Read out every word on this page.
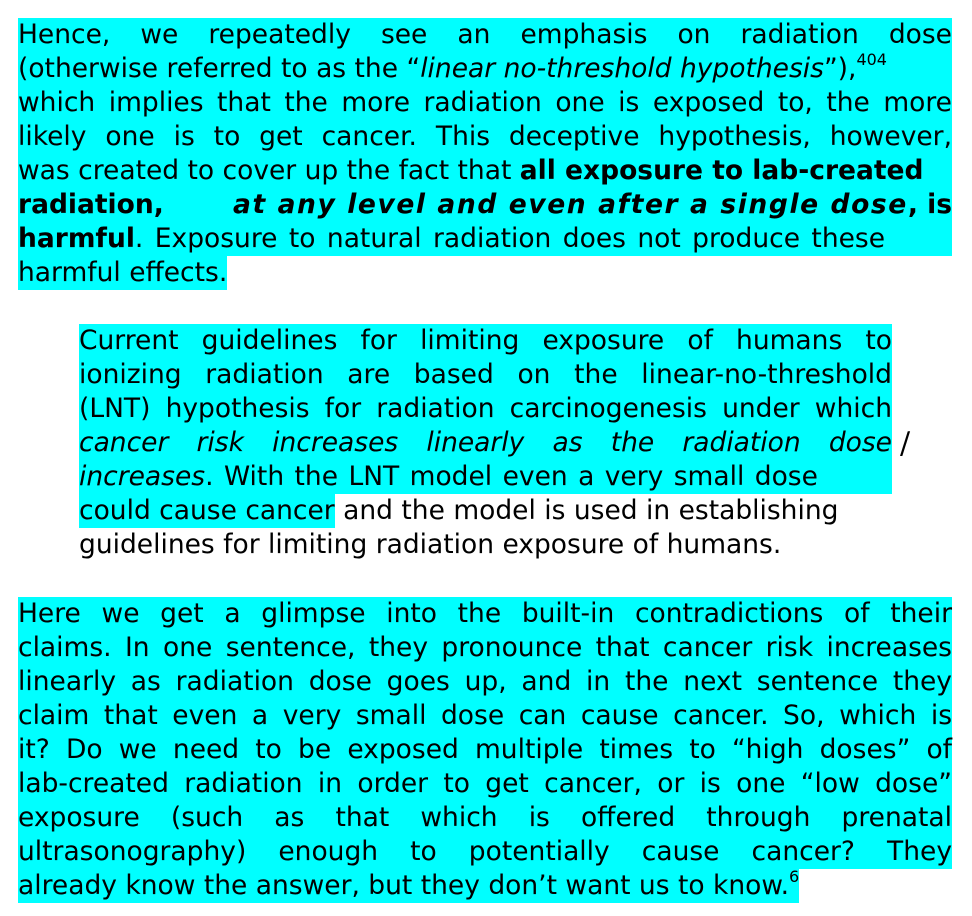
Hence, we repeatedly see an emphasis on radiation dose
(otherwise referred to as the “linear no-threshold hypothesis”),$^{404}$
which implies that the more radiation one is exposed to, the more
likely one is to get cancer. This deceptive hypothesis, however,
was created to cover up the fact that all exposure to lab-created
radiation,	at any level and even after a single dose, is
harmful. Exposure to natural radiation does not produce these
harmful effects.
Current guidelines for limiting exposure of humans to
ionizing radiation are based on the linear-no-threshold
(LNT) hypothesis for radiation carcinogenesis under which
cancer risk increases linearly as the radiation dose
increases. With the LNT model even a very small dose
could cause cancer and the model is used in establishing
guidelines for limiting radiation exposure of humans.
/
Here we get a glimpse into the built-in contradictions of their
claims. In one sentence, they pronounce that cancer risk increases
linearly as radiation dose goes up, and in the next sentence they
claim that even a very small dose can cause cancer. So, which is
it? Do we need to be exposed multiple times to “high doses” of
lab-created radiation in order to get cancer, or is one “low dose”
exposure (such as that which is offered through prenatal
ultrasonography) enough to potentially cause cancer? They
already know the answer, but they don’t want us to know.$^6$
